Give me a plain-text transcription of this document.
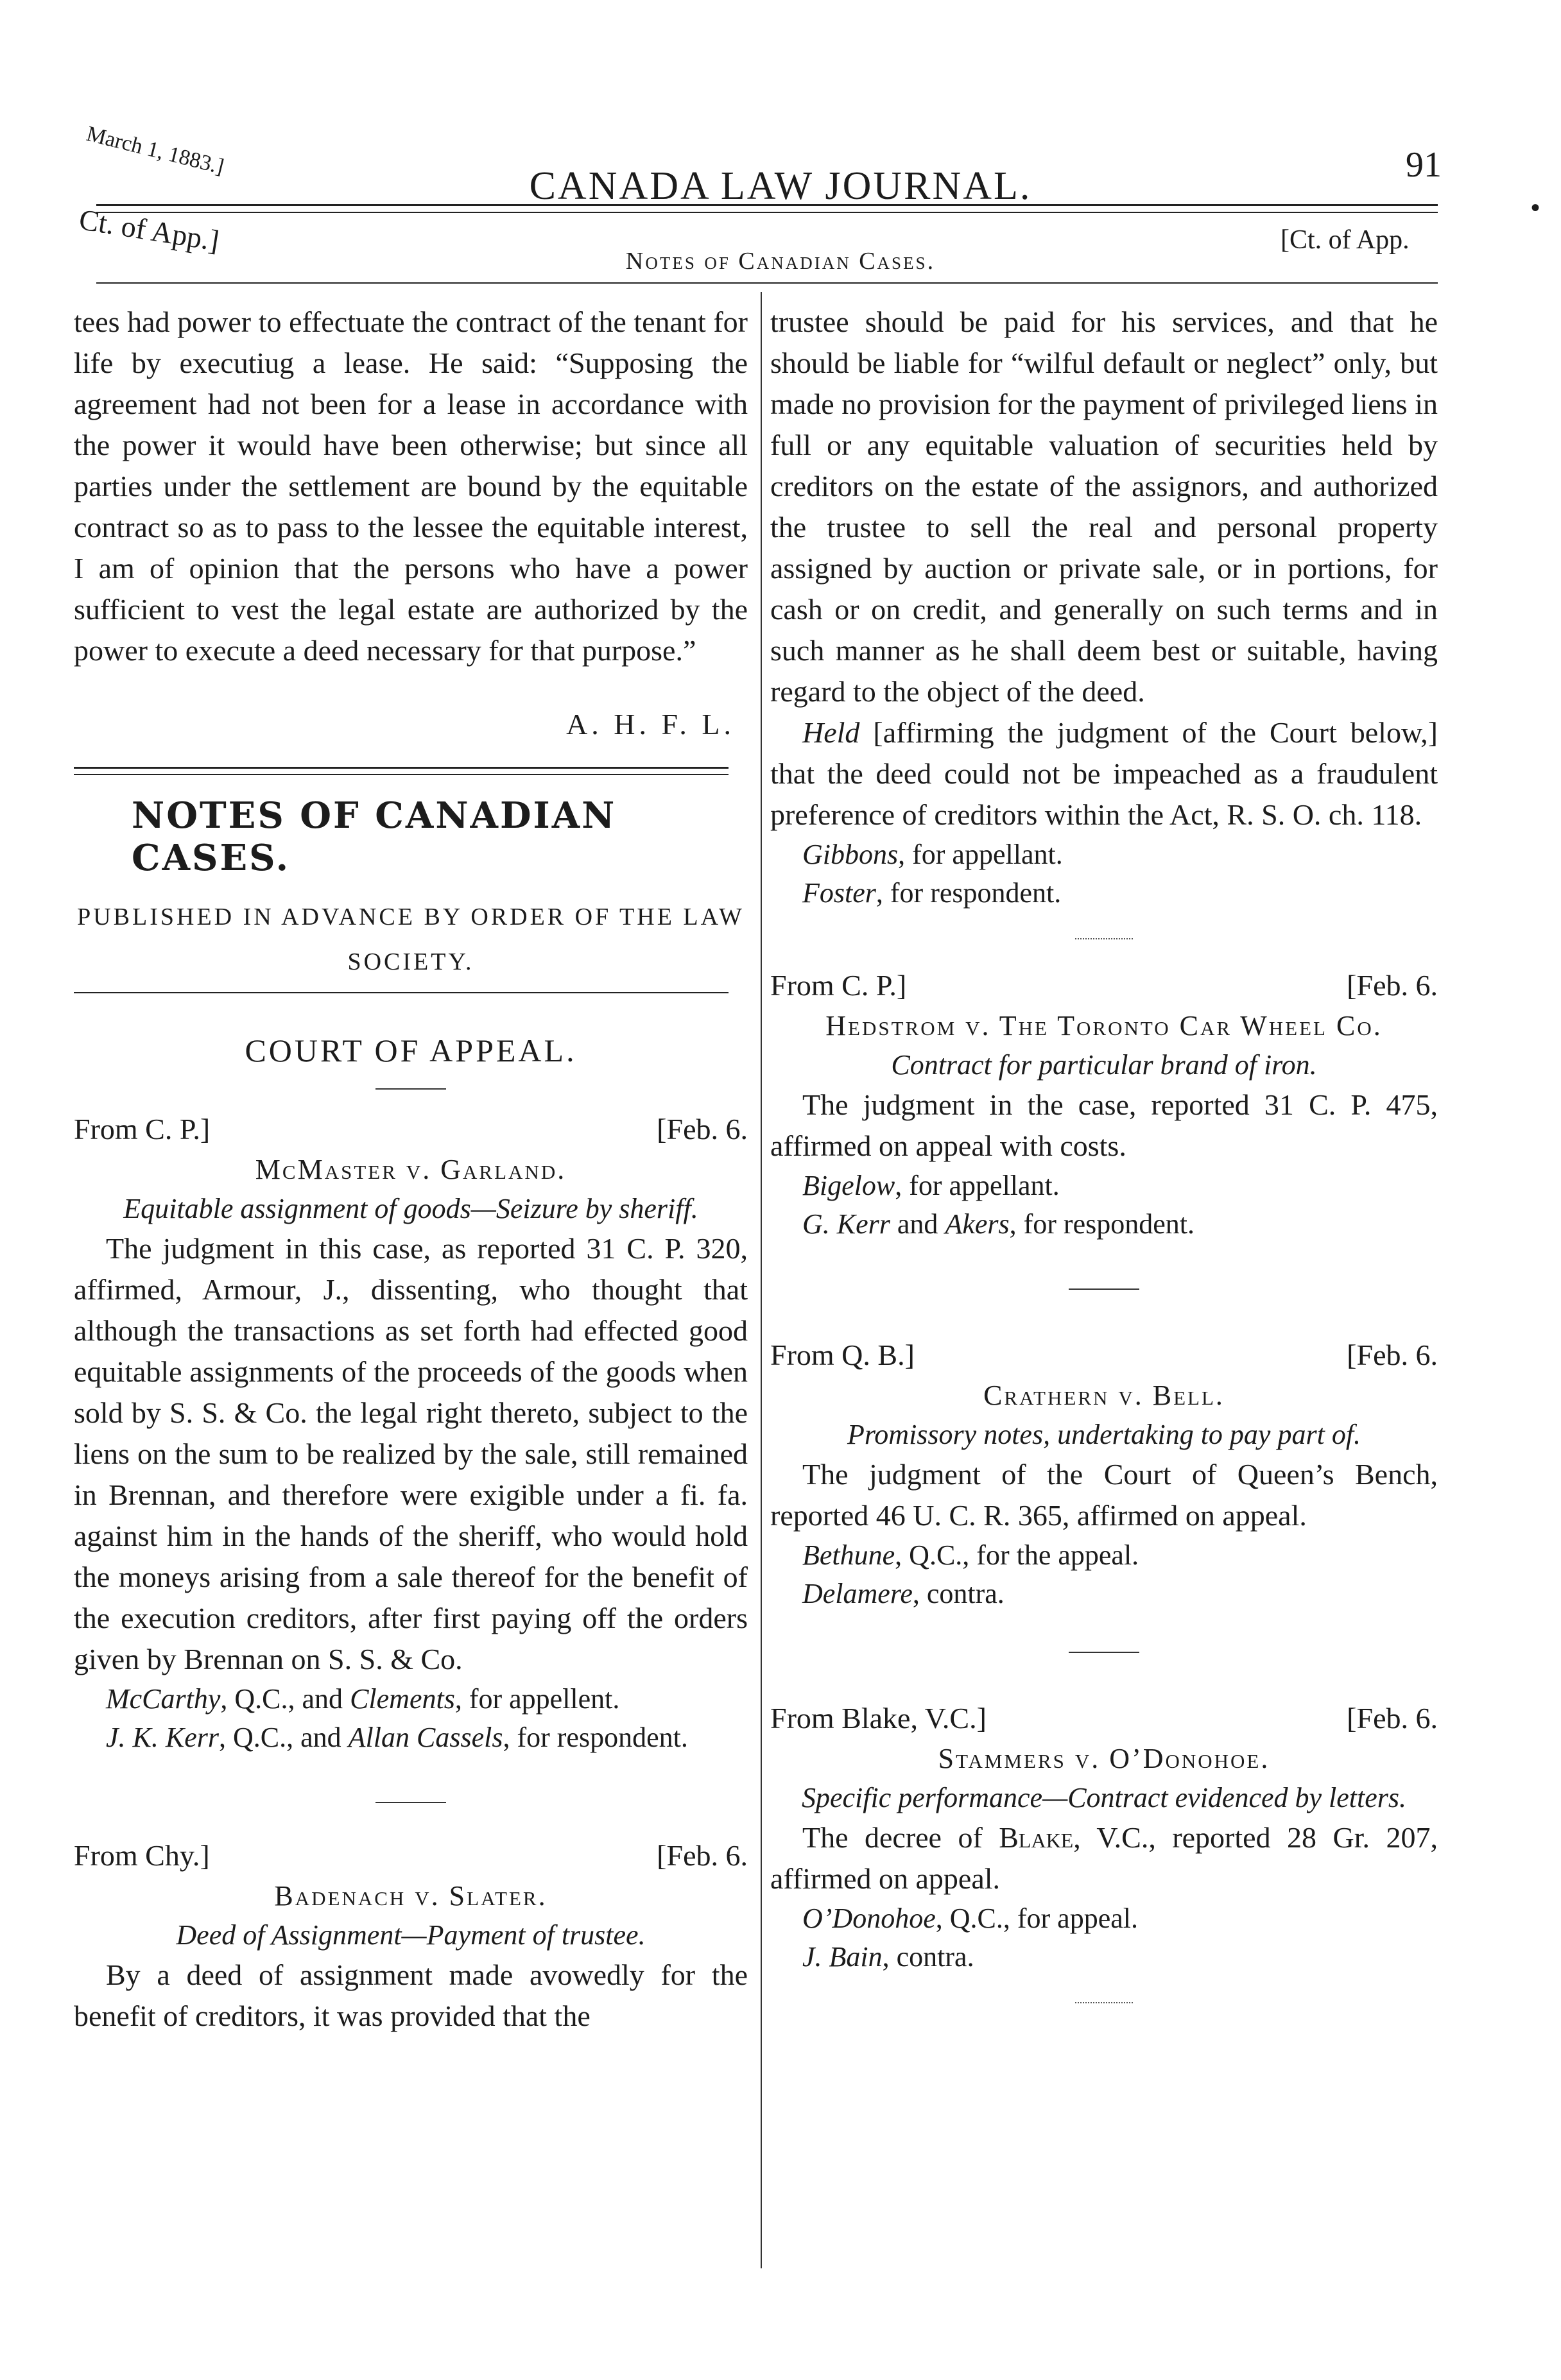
March 1, 1883.]
CANADA LAW JOURNAL.	91
•
Ct. of App.]
Notes of Canadian Cases.
[Ct. of App.

tees had power to effectuate the contract of the tenant for life by executiug a lease. He said: “Supposing the agreement had not been for a lease in accordance with the power it would have been otherwise; but since all parties under the settlement are bound by the equitable contract so as to pass to the lessee the equitable interest, I am of opinion that the persons who have a power sufficient to vest the legal estate are authorized by the power to execute a deed necessary for that purpose.”

A. H. F. L.
NOTES OF CANADIAN CASES.

PUBLISHED IN ADVANCE BY ORDER OF THE LAW SOCIETY.

COURT OF APPEAL.
From C. P.]	[Feb. 6.
McMaster v. Garland.
Equitable assignment of goods—Seizure by sheriff.

The judgment in this case, as reported 31 C. P. 320, affirmed, Armour, J., dissenting, who thought that although the transactions as set forth had effected good equitable assignments of the proceeds of the goods when sold by S. S. & Co. the legal right thereto, subject to the liens on the sum to be realized by the sale, still remained in Brennan, and therefore were exigible under a fi. fa. against him in the hands of the sheriff, who would hold the moneys arising from a sale thereof for the benefit of the execution creditors, after first paying off the orders given by Brennan on S. S. & Co.

McCarthy, Q.C., and Clements, for appellent.
J. K. Kerr, Q.C., and Allan Cassels, for respondent.
From Chy.]	[Feb. 6.
Badenach v. Slater.
Deed of Assignment—Payment of trustee.

By a deed of assignment made avowedly for the benefit of creditors, it was provided that the

trustee should be paid for his services, and that he should be liable for “wilful default or neglect” only, but made no provision for the payment of privileged liens in full or any equitable valuation of securities held by creditors on the estate of the assignors, and authorized the trustee to sell the real and personal property assigned by auction or private sale, or in portions, for cash or on credit, and generally on such terms and in such manner as he shall deem best or suitable, having regard to the object of the deed.

Held [affirming the judgment of the Court below,] that the deed could not be impeached as a fraudulent preference of creditors within the Act, R. S. O. ch. 118.

Gibbons, for appellant.
Foster, for respondent.
From C. P.]	[Feb. 6.
Hedstrom v. The Toronto Car Wheel Co.
Contract for particular brand of iron.

The judgment in the case, reported 31 C. P. 475, affirmed on appeal with costs.

Bigelow, for appellant.
G. Kerr and Akers, for respondent.
From Q. B.]	[Feb. 6.
Crathern v. Bell.
Promissory notes, undertaking to pay part of.

The judgment of the Court of Queen’s Bench, reported 46 U. C. R. 365, affirmed on appeal.

Bethune, Q.C., for the appeal.
Delamere, contra.
From Blake, V.C.]	[Feb. 6.
Stammers v. O’Donohoe.
Specific performance—Contract evidenced by letters.

The decree of Blake, V.C., reported 28 Gr. 207, affirmed on appeal.

O’Donohoe, Q.C., for appeal.
J. Bain, contra.
